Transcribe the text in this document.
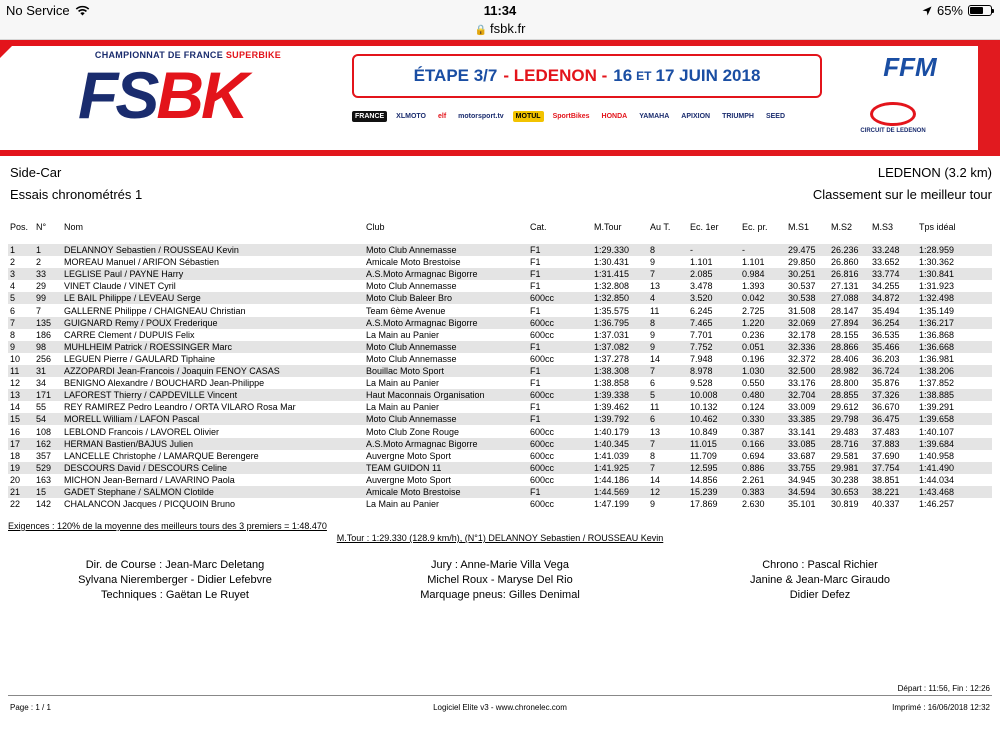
No Service	11:34	65%
🔒 fsbk.fr
CHAMPIONNAT DE FRANCE SUPERBIKE
FSBK	ÉTAPE 3/7 - LEDENON - 16 ET 17 JUIN 2018	FFM
FRANCE	XLMOTO	elf	motorsport.tv	MOTUL	SportBikes	HONDA	YAMAHA	APIXION	TRIUMPH	SEED
CIRCUIT DE LEDENON
Side-Car
Essais chronométrés 1
LEDENON (3.2 km)
Classement sur le meilleur tour
Pos. N° Nom	Club	Cat.	M.Tour	Au T. Ec. 1er	Ec. pr. M.S1 M.S2 M.S3	Tps idéal
1 1	DELANNOY Sebastien / ROUSSEAU Kevin	Moto Club Annemasse	F1	1:29.330 8	-	-	29.475 26.236 33.248 1:28.959
2 2	MOREAU Manuel / ARIFON Sébastien	Amicale Moto Brestoise	F1	1:30.431 9	1.101	1.101	29.850 26.860 33.652 1:30.362
3 33 LEGLISE Paul / PAYNE Harry	A.S.Moto Armagnac Bigorre	F1	1:31.415 7	2.085	0.984	30.251 26.816 33.774 1:30.841
4 29 VINET Claude / VINET Cyril	Moto Club Annemasse	F1	1:32.808 13	3.478	1.393	30.537 27.131 34.255 1:31.923
5 99 LE BAIL Philippe / LEVEAU Serge	Moto Club Baleer Bro	600cc	1:32.850 4	3.520	0.042	30.538 27.088 34.872 1:32.498
6 7	GALLERNE Philippe / CHAIGNEAU Christian	Team 6ème Avenue	F1	1:35.575 11	6.245	2.725	31.508 28.147 35.494 1:35.149
7 135 GUIGNARD Remy / POUX Frederique	A.S.Moto Armagnac Bigorre	600cc	1:36.795 8	7.465	1.220	32.069 27.894 36.254 1:36.217
8 186 CARRE Clement / DUPUIS Felix	La Main au Panier	600cc	1:37.031 9	7.701	0.236	32.178 28.155 36.535 1:36.868
9 98 MUHLHEIM Patrick / ROESSINGER Marc	Moto Club Annemasse	F1	1:37.082 9	7.752	0.051	32.336 28.866 35.466 1:36.668
10 256 LEGUEN Pierre / GAULARD Tiphaine	Moto Club Annemasse	600cc	1:37.278 14	7.948	0.196	32.372 28.406 36.203 1:36.981
11 31 AZZOPARDI Jean-Francois / Joaquin FENOY CASAS	Bouillac Moto Sport	F1	1:38.308 7	8.978	1.030	32.500 28.982 36.724 1:38.206
12 34 BENIGNO Alexandre / BOUCHARD Jean-Philippe	La Main au Panier	F1	1:38.858 6	9.528	0.550	33.176 28.800 35.876 1:37.852
13 171 LAFOREST Thierry / CAPDEVILLE Vincent	Haut Maconnais Organisation	600cc	1:39.338 5	10.008	0.480	32.704 28.855 37.326 1:38.885
14 55 REY RAMIREZ Pedro Leandro / ORTA VILARO Rosa Mar	La Main au Panier	F1	1:39.462 11	10.132	0.124	33.009 29.612 36.670 1:39.291
15 54 MORELL William / LAFON Pascal	Moto Club Annemasse	F1	1:39.792 6	10.462	0.330	33.385 29.798 36.475 1:39.658
16 108 LEBLOND Francois / LAVOREL Olivier	Moto Club Zone Rouge	600cc	1:40.179 13	10.849	0.387	33.141 29.483 37.483 1:40.107
17 162 HERMAN Bastien/BAJUS Julien	A.S.Moto Armagnac Bigorre	600cc	1:40.345 7	11.015	0.166	33.085 28.716 37.883 1:39.684
18 357 LANCELLE Christophe / LAMARQUE Berengere	Auvergne Moto Sport	600cc	1:41.039 8	11.709	0.694	33.687 29.581 37.690 1:40.958
19 529 DESCOURS David / DESCOURS Celine	TEAM GUIDON 11	600cc	1:41.925 7	12.595	0.886	33.755 29.981 37.754 1:41.490
20 163 MICHON Jean-Bernard / LAVARINO Paola	Auvergne Moto Sport	600cc	1:44.186 14	14.856	2.261	34.945 30.238 38.851 1:44.034
21 15 GADET Stephane / SALMON Clotilde	Amicale Moto Brestoise	F1	1:44.569 12	15.239	0.383	34.594 30.653 38.221 1:43.468
22 142 CHALANCON Jacques / PICQUOIN Bruno	La Main au Panier	600cc	1:47.199 9	17.869	2.630	35.101 30.819 40.337 1:46.257
Exigences : 120% de la moyenne des meilleurs tours des 3 premiers = 1:48.470
M.Tour : 1:29.330 (128.9 km/h), (N°1) DELANNOY Sebastien / ROUSSEAU Kevin
Dir. de Course : Jean-Marc Deletang
Sylvana Nieremberger - Didier Lefebvre
Techniques : Gaëtan Le Ruyet
Jury : Anne-Marie Villa Vega
Michel Roux - Maryse Del Rio
Marquage pneus: Gilles Denimal
Chrono : Pascal Richier
Janine & Jean-Marc Giraudo
Didier Defez
Départ : 11:56, Fin : 12:26
Page : 1 / 1	Logiciel Elite v3 - www.chronelec.com	Imprimé : 16/06/2018 12:32
